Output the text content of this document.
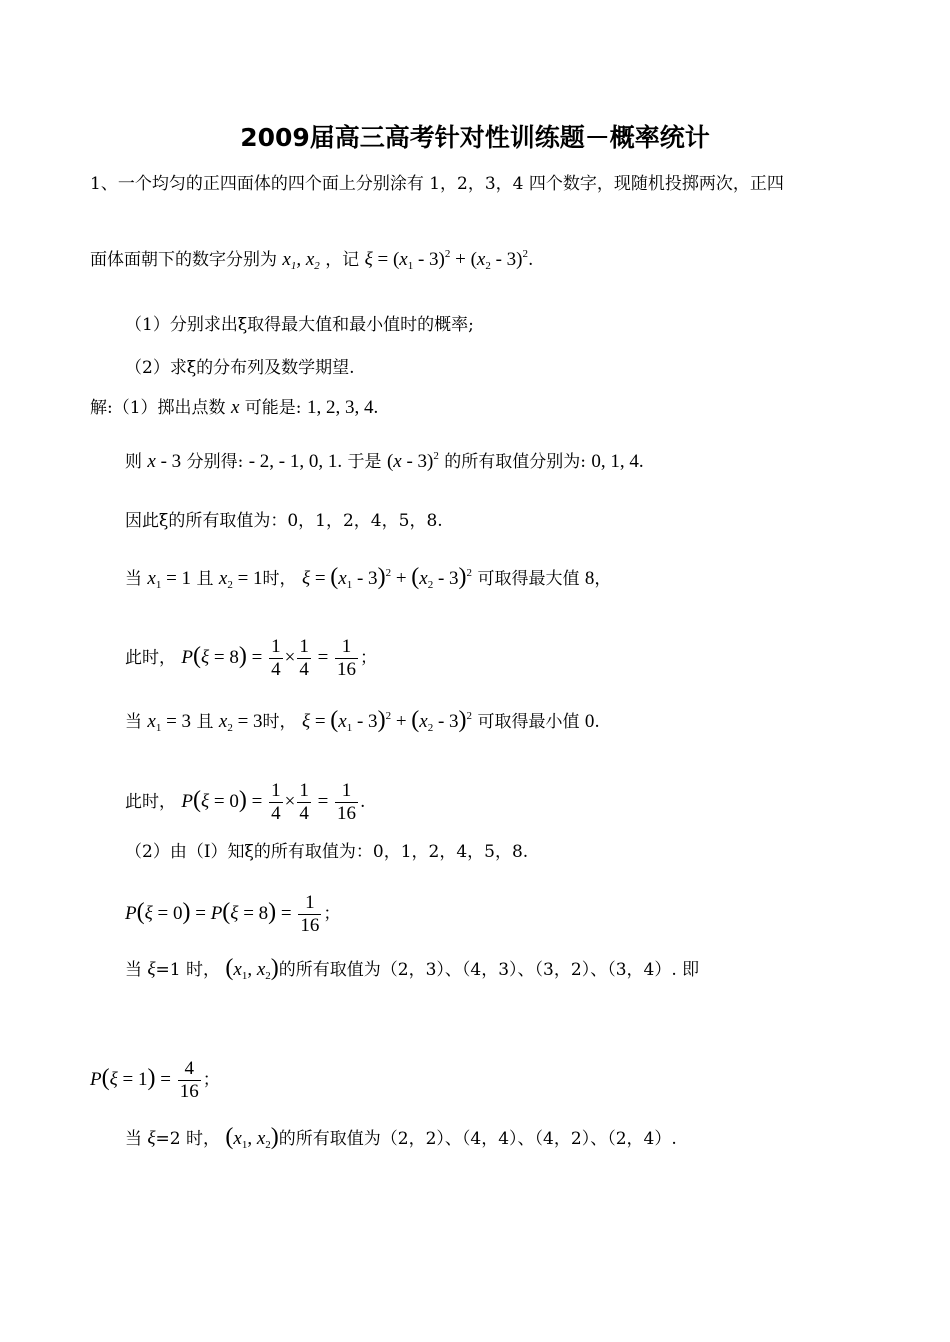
2009届高三高考针对性训练题－概率统计
1、一个均匀的正四面体的四个面上分别涂有 1，2，3，4 四个数字，现随机投掷两次，正四
面体面朝下的数字分别为 $x_1$, $x_2$ ，记 $\xi = (x_1 - 3)^2 + (x_2 - 3)^2$.
（1）分别求出ξ取得最大值和最小值时的概率;
（2）求ξ的分布列及数学期望.
解:（1）掷出点数 x 可能是: 1, 2, 3, 4.
则 x - 3 分别得: - 2, - 1, 0, 1. 于是 (x - 3)$^2$ 的所有取值分别为: 0, 1, 4.
因此ξ的所有取值为：0，1，2，4，5，8.
当 $x_1 = 1$ 且 $x_2 = 1$时， $\xi = (x_1 - 3)^2 + (x_2 - 3)^2$ 可取得最大值 8，
此时， $P(\xi = 8) = \frac{1}{4} \times \frac{1}{4} = \frac{1}{16}$ ；
当 $x_1 = 3$ 且 $x_2 = 3$时， $\xi = (x_1 - 3)^2 + (x_2 - 3)^2$ 可取得最小值 0.
此时， $P(\xi = 0) = \frac{1}{4} \times \frac{1}{4} = \frac{1}{16}$ .
（2）由（Ⅰ）知ξ的所有取值为：0，1，2，4，5，8.
$P(\xi = 0) = P(\xi = 8) = \frac{1}{16}$ ；
当 ξ=1 时， ($x_1$, $x_2$)的所有取值为（2，3）、（4，3）、（3，2）、（3，4）. 即
$P(\xi = 1) = \frac{4}{16}$ ；
当 ξ=2 时， ($x_1$, $x_2$)的所有取值为（2，2）、（4，4）、（4，2）、（2，4）.
